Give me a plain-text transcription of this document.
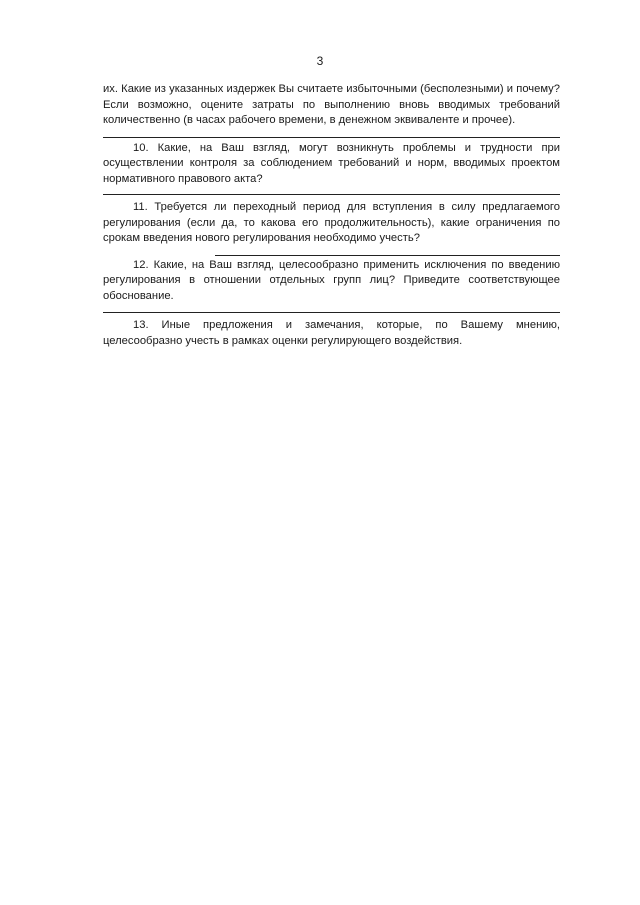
3

их. Какие из указанных издержек Вы считаете избыточными (бесполезными) и почему? Если возможно, оцените затраты по выполнению вновь вводимых требований количественно (в часах рабочего времени, в денежном эквиваленте и прочее).

10. Какие, на Ваш взгляд, могут возникнуть проблемы и трудности при осуществлении контроля за соблюдением требований и норм, вводимых проектом нормативного правового акта?

11. Требуется ли переходный период для вступления в силу предлагаемого регулирования (если да, то какова его продолжительность), какие ограничения по срокам введения нового регулирования необходимо учесть?

12. Какие, на Ваш взгляд, целесообразно применить исключения по введению регулирования в отношении отдельных групп лиц? Приведите соответствующее обоснование.

13. Иные предложения и замечания, которые, по Вашему мнению, целесообразно учесть в рамках оценки регулирующего воздействия.
